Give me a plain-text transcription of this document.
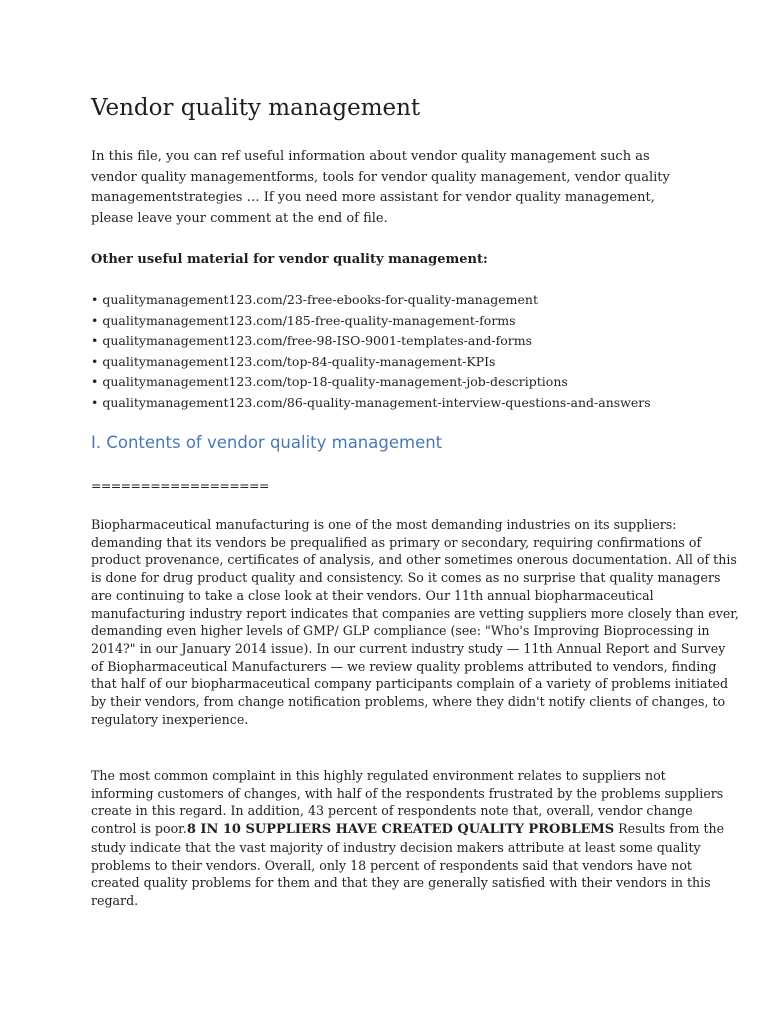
Vendor quality management

In this file, you can ref useful information about vendor quality management such as vendor quality managementforms, tools for vendor quality management, vendor quality managementstrategies … If you need more assistant for vendor quality management, please leave your comment at the end of file.

Other useful material for vendor quality management:

• qualitymanagement123.com/23-free-ebooks-for-quality-management
• qualitymanagement123.com/185-free-quality-management-forms
• qualitymanagement123.com/free-98-ISO-9001-templates-and-forms
• qualitymanagement123.com/top-84-quality-management-KPIs
• qualitymanagement123.com/top-18-quality-management-job-descriptions
• qualitymanagement123.com/86-quality-management-interview-questions-and-answers
I. Contents of vendor quality management

==================

Biopharmaceutical manufacturing is one of the most demanding industries on its suppliers: demanding that its vendors be prequalified as primary or secondary, requiring confirmations of product provenance, certificates of analysis, and other sometimes onerous documentation. All of this is done for drug product quality and consistency. So it comes as no surprise that quality managers are continuing to take a close look at their vendors. Our 11th annual biopharmaceutical manufacturing industry report indicates that companies are vetting suppliers more closely than ever, demanding even higher levels of GMP/ GLP compliance (see: "Who's Improving Bioprocessing in 2014?" in our January 2014 issue). In our current industry study — 11th Annual Report and Survey of Biopharmaceutical Manufacturers — we review quality problems attributed to vendors, finding that half of our biopharmaceutical company participants complain of a variety of problems initiated by their vendors, from change notification problems, where they didn't notify clients of changes, to regulatory inexperience.

The most common complaint in this highly regulated environment relates to suppliers not informing customers of changes, with half of the respondents frustrated by the problems suppliers create in this regard. In addition, 43 percent of respondents note that, overall, vendor change control is poor.8 IN 10 SUPPLIERS HAVE CREATED QUALITY PROBLEMS Results from the study indicate that the vast majority of industry decision makers attribute at least some quality problems to their vendors. Overall, only 18 percent of respondents said that vendors have not created quality problems for them and that they are generally satisfied with their vendors in this regard.
